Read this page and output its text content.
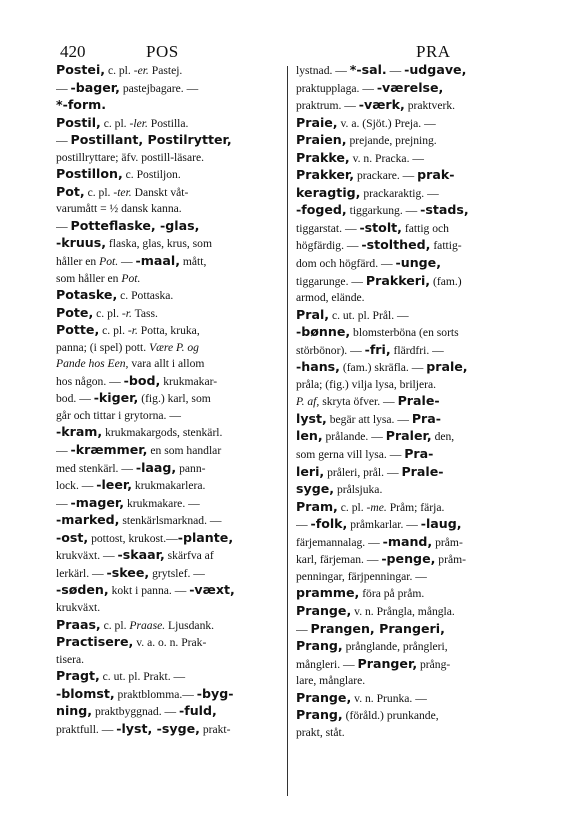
420	POS	PRA
Postei, c. pl. -er. Pastej.
— -bager, pastejbagare. —
*-form.
Postil, c. pl. -ler. Postilla.
— Postillant, Postilrytter,
postillryttare; äfv. postill-läsare.
Postillon, c. Postiljon.
Pot, c. pl. -ter. Danskt våt-
varumått = ½ dansk kanna.
— Potteflaske, -glas,
-kruus, flaska, glas, krus, som
håller en Pot. — -maal, mått,
som håller en Pot.
Potaske, c. Pottaska.
Pote, c. pl. -r. Tass.
Potte, c. pl. -r. Potta, kruka,
panna; (i spel) pott. Være P. og
Pande hos Een, vara allt i allom
hos någon. — -bod, krukmakar-
bod. — -kiger, (fig.) karl, som
går och tittar i grytorna. —
-kram, krukmakargods, stenkärl.
— -kræmmer, en som handlar
med stenkärl. — -laag, pann-
lock. — -leer, krukmakarlera.
— -mager, krukmakare. —
-marked, stenkärlsmarknad. —
-ost, pottost, krukost.—-plante,
krukväxt. — -skaar, skärfva af
lerkärl. — -skee, grytslef. —
-søden, kokt i panna. — -væxt,
krukväxt.
Praas, c. pl. Praase. Ljusdank.
Practisere, v. a. o. n. Prak-
tisera.
Pragt, c. ut. pl. Prakt. —
-blomst, praktblomma.— -byg-
ning, praktbyggnad. — -fuld,
praktfull. — -lyst, -syge, prakt-
lystnad. — *-sal. — -udgave,
praktupplaga. — -værelse,
praktrum. — -værk, praktverk.
Praie, v. a. (Sjöt.) Preja. —
Praien, prejande, prejning.
Prakke, v. n. Pracka. —
Prakker, prackare. — prak-
keragtig, prackaraktig. —
-foged, tiggarkung. — -stads,
tiggarstat. — -stolt, fattig och
högfärdig. — -stolthed, fattig-
dom och högfärd. — -unge,
tiggarunge. — Prakkeri, (fam.)
armod, elände.
Pral, c. ut. pl. Prål. —
-bønne, blomsterböna (en sorts
störbönor). — -fri, flärdfri. —
-hans, (fam.) skräfla. — prale,
pråla; (fig.) vilja lysa, briljera.
P. af, skryta öfver. — Prale-
lyst, begär att lysa. — Pra-
len, prålande. — Praler, den,
som gerna vill lysa. — Pra-
leri, pråleri, prål. — Prale-
syge, prålsjuka.
Pram, c. pl. -me. Pråm; färja.
— -folk, pråmkarlar. — -laug,
färjemannalag. — -mand, pråm-
karl, färjeman. — -penge, pråm-
penningar, färjpenningar. —
pramme, föra på pråm.
Prange, v. n. Prångla, mångla.
— Prangen, Prangeri,
Prang, prånglande, prångleri,
mångleri. — Pranger, prång-
lare, månglare.
Prange, v. n. Prunka. —
Prang, (föråld.) prunkande,
prakt, ståt.
